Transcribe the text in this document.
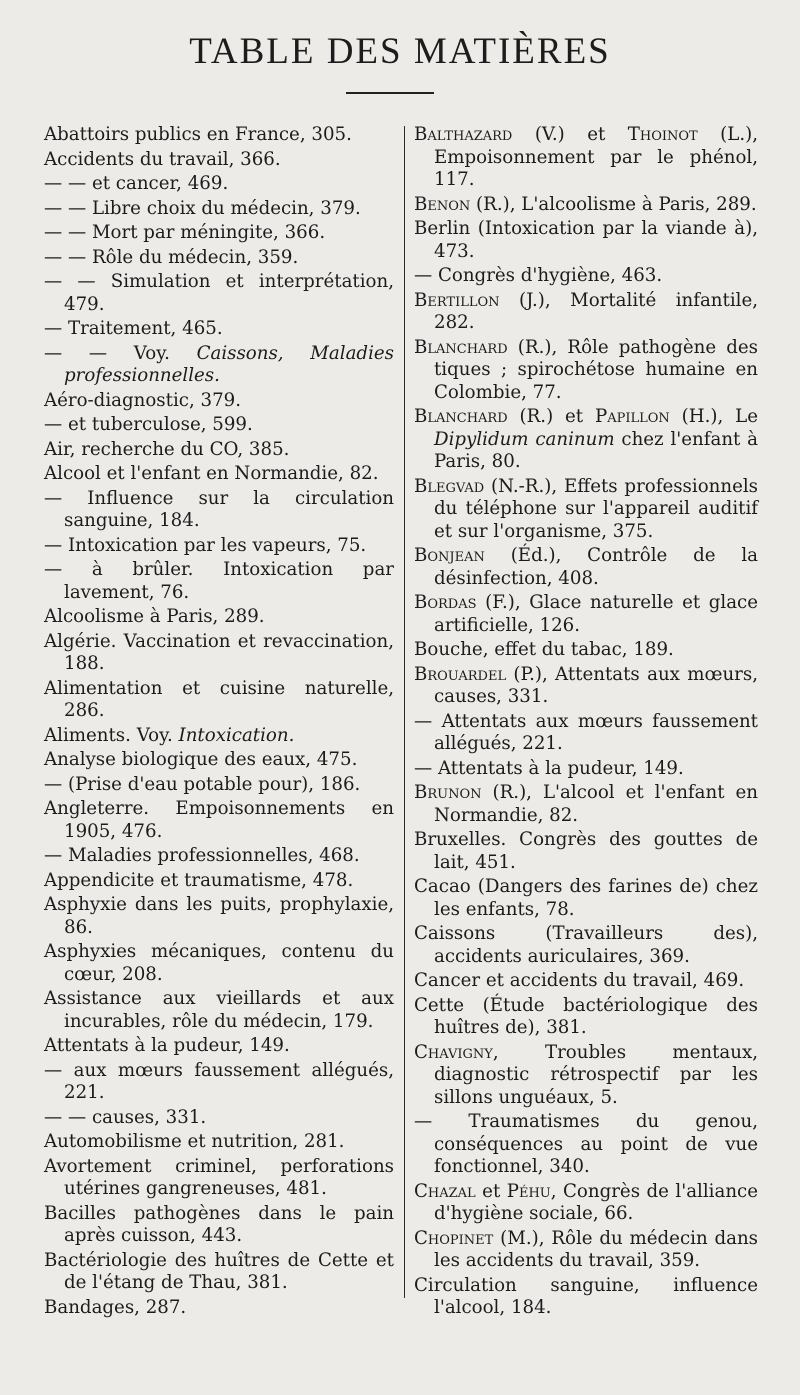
TABLE DES MATIÈRES
Abattoirs publics en France, 305.
Accidents du travail, 366.
— — et cancer, 469.
— — Libre choix du médecin, 379.
— — Mort par méningite, 366.
— — Rôle du médecin, 359.
— — Simulation et interprétation, 479.
— Traitement, 465.
— — Voy. Caissons, Maladies professionnelles.
Aéro-diagnostic, 379.
— et tuberculose, 599.
Air, recherche du CO, 385.
Alcool et l'enfant en Normandie, 82.
— Influence sur la circulation sanguine, 184.
— Intoxication par les vapeurs, 75.
— à brûler. Intoxication par lavement, 76.
Alcoolisme à Paris, 289.
Algérie. Vaccination et revaccination, 188.
Alimentation et cuisine naturelle, 286.
Aliments. Voy. Intoxication.
Analyse biologique des eaux, 475.
— (Prise d'eau potable pour), 186.
Angleterre. Empoisonnements en 1905, 476.
— Maladies professionnelles, 468.
Appendicite et traumatisme, 478.
Asphyxie dans les puits, prophylaxie, 86.
Asphyxies mécaniques, contenu du cœur, 208.
Assistance aux vieillards et aux incurables, rôle du médecin, 179.
Attentats à la pudeur, 149.
— aux mœurs faussement allégués, 221.
— — causes, 331.
Automobilisme et nutrition, 281.
Avortement criminel, perforations utérines gangreneuses, 481.
Bacilles pathogènes dans le pain après cuisson, 443.
Bactériologie des huîtres de Cette et de l'étang de Thau, 381.
Bandages, 287.
Balthazard (V.) et Thoinot (L.), Empoisonnement par le phénol, 117.
Benon (R.), L'alcoolisme à Paris, 289.
Berlin (Intoxication par la viande à), 473.
— Congrès d'hygiène, 463.
Bertillon (J.), Mortalité infantile, 282.
Blanchard (R.), Rôle pathogène des tiques ; spirochétose humaine en Colombie, 77.
Blanchard (R.) et Papillon (H.), Le Dipylidum caninum chez l'enfant à Paris, 80.
Blegvad (N.-R.), Effets professionnels du téléphone sur l'appareil auditif et sur l'organisme, 375.
Bonjean (Éd.), Contrôle de la désinfection, 408.
Bordas (F.), Glace naturelle et glace artificielle, 126.
Bouche, effet du tabac, 189.
Brouardel (P.), Attentats aux mœurs, causes, 331.
— Attentats aux mœurs faussement allégués, 221.
— Attentats à la pudeur, 149.
Brunon (R.), L'alcool et l'enfant en Normandie, 82.
Bruxelles. Congrès des gouttes de lait, 451.
Cacao (Dangers des farines de) chez les enfants, 78.
Caissons (Travailleurs des), accidents auriculaires, 369.
Cancer et accidents du travail, 469.
Cette (Étude bactériologique des huîtres de), 381.
Chavigny, Troubles mentaux, diagnostic rétrospectif par les sillons unguéaux, 5.
— Traumatismes du genou, conséquences au point de vue fonctionnel, 340.
Chazal et Péhu, Congrès de l'alliance d'hygiène sociale, 66.
Chopinet (M.), Rôle du médecin dans les accidents du travail, 359.
Circulation sanguine, influence l'alcool, 184.
